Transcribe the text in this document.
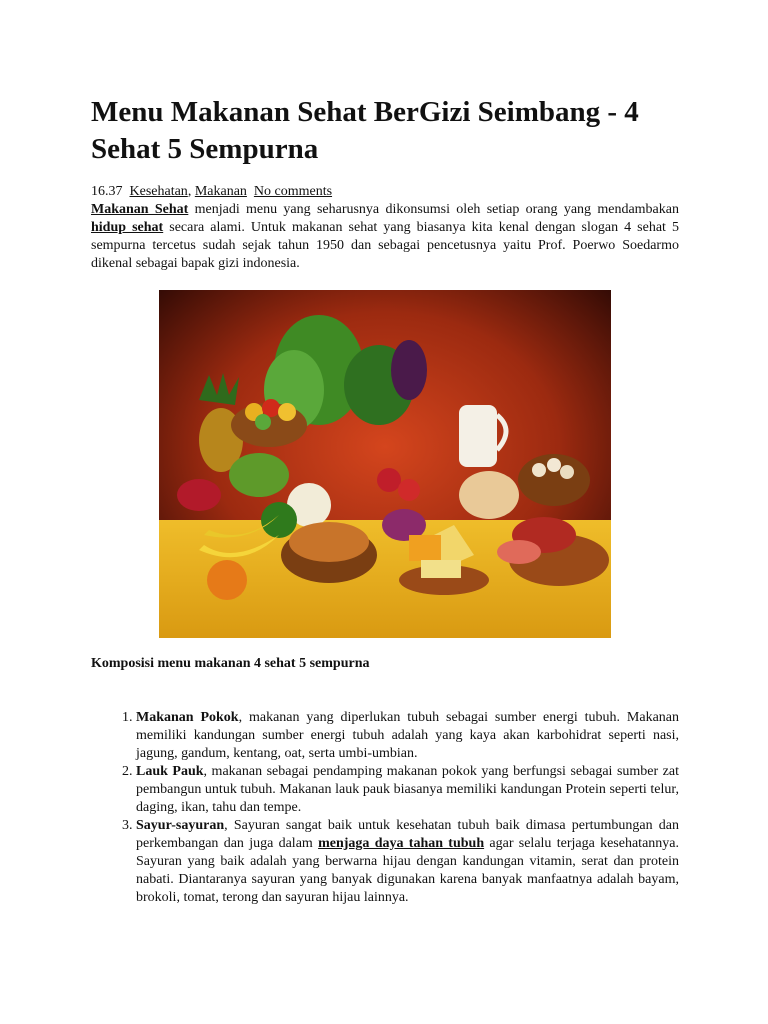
Menu Makanan Sehat BerGizi Seimbang - 4 Sehat 5 Sempurna
16.37 Kesehatan, Makanan No comments

Makanan Sehat menjadi menu yang seharusnya dikonsumsi oleh setiap orang yang mendambakan hidup sehat secara alami. Untuk makanan sehat yang biasanya kita kenal dengan slogan 4 sehat 5 sempurna tercetus sudah sejak tahun 1950 dan sebagai pencetusnya yaitu Prof. Poerwo Soedarmo dikenal sebagai bapak gizi indonesia.

Komposisi menu makanan 4 sehat 5 sempurna
1. Makanan Pokok, makanan yang diperlukan tubuh sebagai sumber energi tubuh. Makanan memiliki kandungan sumber energi tubuh adalah yang kaya akan karbohidrat seperti nasi, jagung, gandum, kentang, oat, serta umbi-umbian.
2. Lauk Pauk, makanan sebagai pendamping makanan pokok yang berfungsi sebagai sumber zat pembangun untuk tubuh. Makanan lauk pauk biasanya memiliki kandungan Protein seperti telur, daging, ikan, tahu dan tempe.
3. Sayur-sayuran, Sayuran sangat baik untuk kesehatan tubuh baik dimasa pertumbungan dan perkembangan dan juga dalam menjaga daya tahan tubuh agar selalu terjaga kesehatannya. Sayuran yang baik adalah yang berwarna hijau dengan kandungan vitamin, serat dan protein nabati. Diantaranya sayuran yang banyak digunakan karena banyak manfaatnya adalah bayam, brokoli, tomat, terong dan sayuran hijau lainnya.
